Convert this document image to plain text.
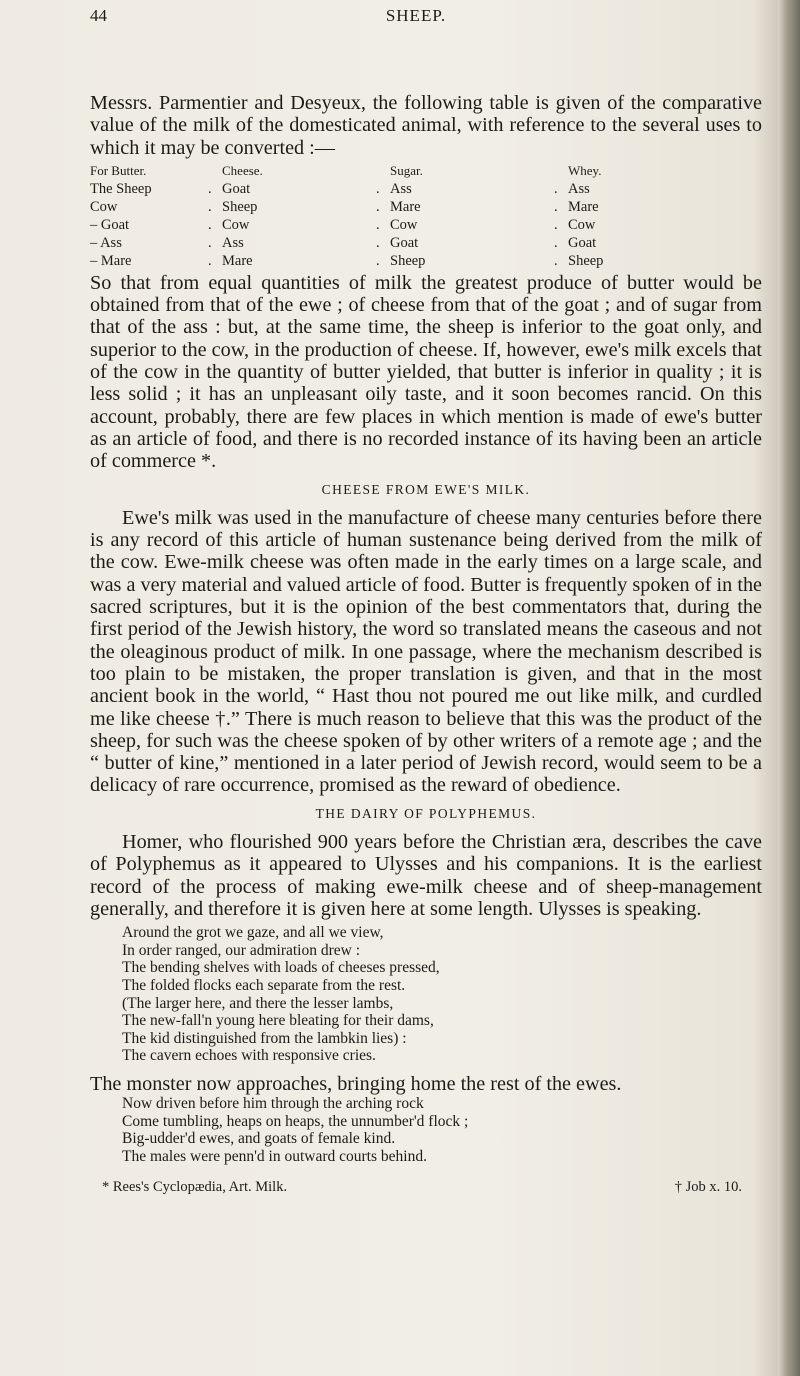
44	SHEEP.

Messrs. Parmentier and Desyeux, the following table is given of the comparative value of the milk of the domesticated animal, with reference to the several uses to which it may be converted :—

For Butter.	Cheese.	Sugar.	Whey.
The Sheep	. Goat	. Ass	. Ass
Cow	. Sheep	. Mare	. Mare
– Goat	. Cow	. Cow	. Cow
– Ass	. Ass	. Goat	. Goat
– Mare	. Mare	. Sheep	. Sheep

So that from equal quantities of milk the greatest produce of butter would be obtained from that of the ewe ; of cheese from that of the goat ; and of sugar from that of the ass : but, at the same time, the sheep is inferior to the goat only, and superior to the cow, in the production of cheese. If, however, ewe's milk excels that of the cow in the quantity of butter yielded, that butter is inferior in quality ; it is less solid ; it has an unpleasant oily taste, and it soon becomes rancid. On this account, probably, there are few places in which mention is made of ewe's butter as an article of food, and there is no recorded instance of its having been an article of commerce *.

CHEESE FROM EWE'S MILK.

Ewe's milk was used in the manufacture of cheese many centuries before there is any record of this article of human sustenance being derived from the milk of the cow. Ewe-milk cheese was often made in the early times on a large scale, and was a very material and valued article of food. Butter is frequently spoken of in the sacred scriptures, but it is the opinion of the best commentators that, during the first period of the Jewish history, the word so translated means the caseous and not the oleaginous product of milk. In one passage, where the mechanism described is too plain to be mistaken, the proper translation is given, and that in the most ancient book in the world, “ Hast thou not poured me out like milk, and curdled me like cheese †.” There is much reason to believe that this was the product of the sheep, for such was the cheese spoken of by other writers of a remote age ; and the “ butter of kine,” mentioned in a later period of Jewish record, would seem to be a delicacy of rare occurrence, promised as the reward of obedience.

THE DAIRY OF POLYPHEMUS.

Homer, who flourished 900 years before the Christian æra, describes the cave of Polyphemus as it appeared to Ulysses and his companions. It is the earliest record of the process of making ewe-milk cheese and of sheep-management generally, and therefore it is given here at some length. Ulysses is speaking.

Around the grot we gaze, and all we view,
In order ranged, our admiration drew :
The bending shelves with loads of cheeses pressed,
The folded flocks each separate from the rest.
(The larger here, and there the lesser lambs,
The new-fall'n young here bleating for their dams,
The kid distinguished from the lambkin lies) :
The cavern echoes with responsive cries.

The monster now approaches, bringing home the rest of the ewes.

Now driven before him through the arching rock
Come tumbling, heaps on heaps, the unnumber'd flock ;
Big-udder'd ewes, and goats of female kind.
The males were penn'd in outward courts behind.
* Rees's Cyclopædia, Art. Milk.	† Job x. 10.
